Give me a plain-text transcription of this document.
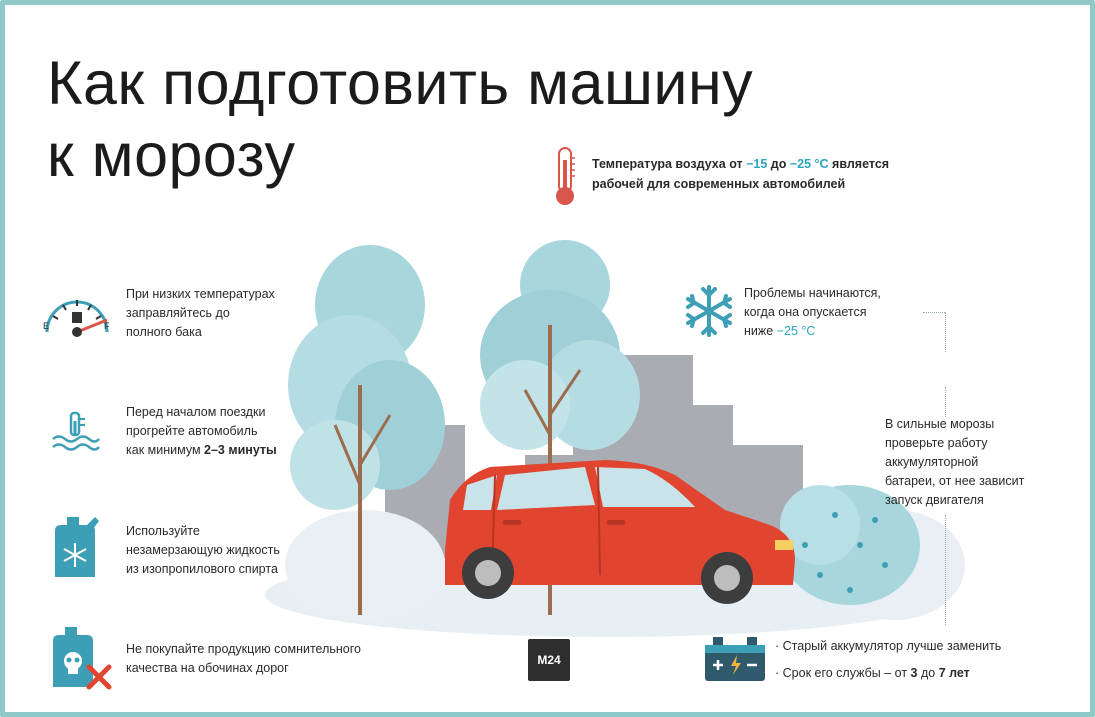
Как подготовить машину
к морозу	Температура воздуха от −15 до −25 °С является
рабочей для современных автомобилей
E	F
При низких температурах
заправляйтесь до
полного бака
Перед началом поездки
прогрейте автомобиль
как минимум 2–3 минуты
Используйте
незамерзающую жидкость
из изопропилового спирта
Не покупайте продукцию сомнительного
качества на обочинах дорог
Проблемы начинаются,
когда она опускается
ниже −25 °С
В сильные морозы
проверьте работу
аккумуляторной
батареи, от нее зависит
запуск двигателя
M24
· Старый аккумулятор лучше заменить
· Срок его службы – от 3 до 7 лет
